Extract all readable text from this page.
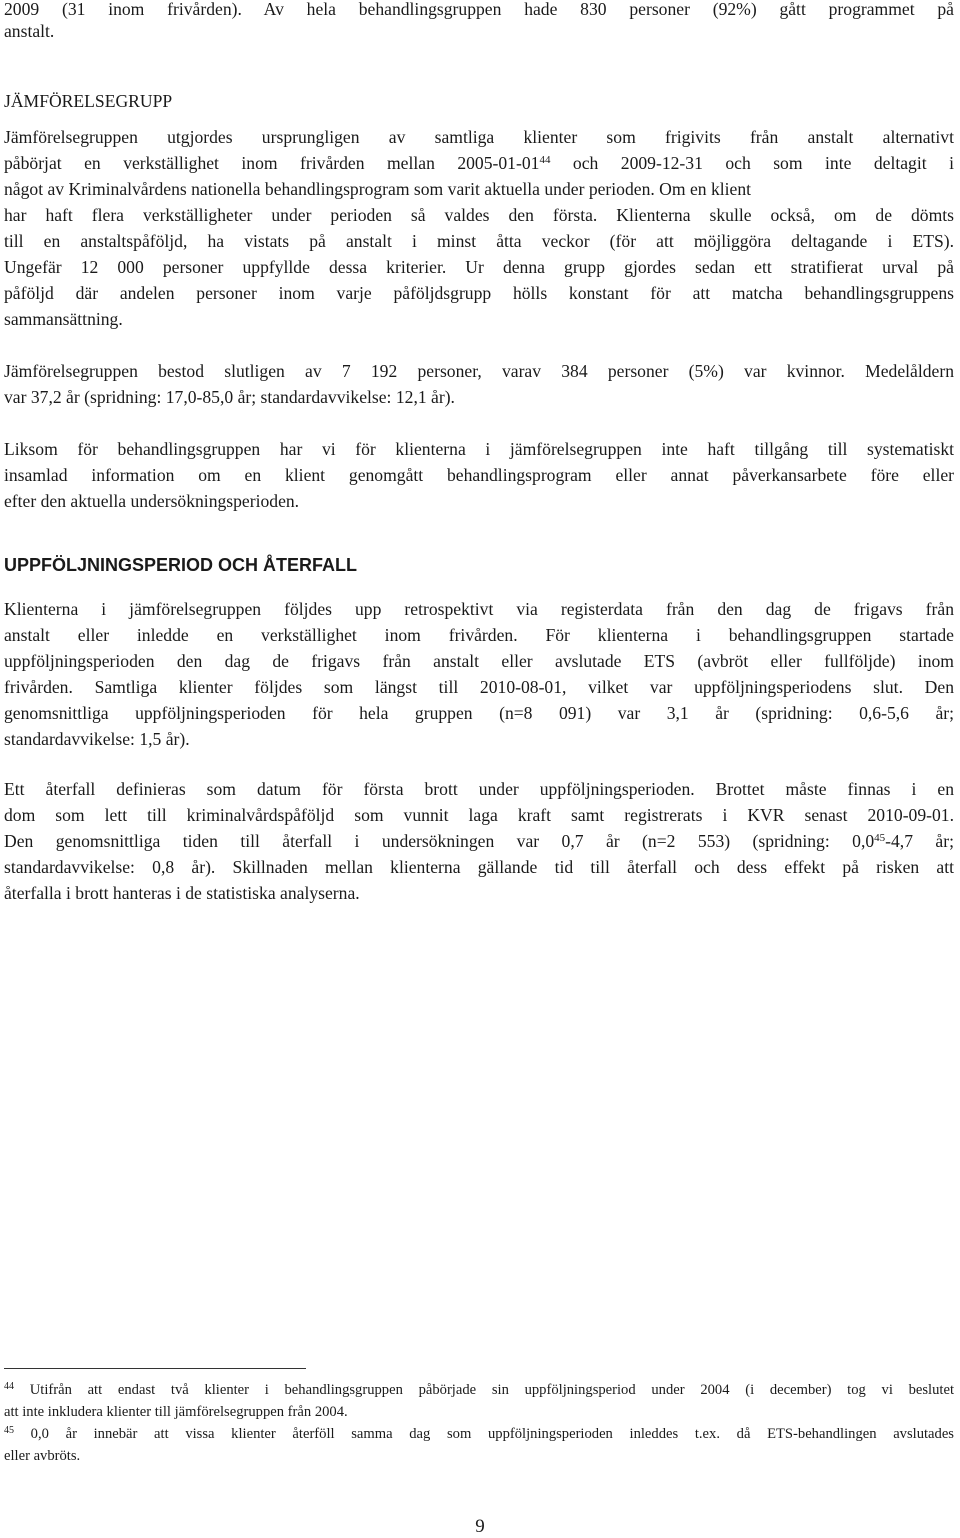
2009 (31 inom frivården). Av hela behandlingsgruppen hade 830 personer (92%) gått programmet på
anstalt.
JÄMFÖRELSEGRUPP
Jämförelsegruppen utgjordes ursprungligen av samtliga klienter som frigivits från anstalt alternativt
påbörjat en verkställighet inom frivården mellan $2005-01-01^{44}$ och 2009-12-31 och som inte deltagit i
något av Kriminalvårdens nationella behandlingsprogram som varit aktuella under perioden. Om en klient
har haft flera verkställigheter under perioden så valdes den första. Klienterna skulle också, om de dömts
till en anstaltspåföljd, ha vistats på anstalt i minst åtta veckor (för att möjliggöra deltagande i ETS).
Ungefär 12 000 personer uppfyllde dessa kriterier. Ur denna grupp gjordes sedan ett stratifierat urval på
påföljd där andelen personer inom varje påföljdsgrupp hölls konstant för att matcha behandlingsgruppens
sammansättning.
Jämförelsegruppen bestod slutligen av 7 192 personer, varav 384 personer (5%) var kvinnor. Medelåldern
var 37,2 år (spridning: 17,0-85,0 år; standardavvikelse: 12,1 år).
Liksom för behandlingsgruppen har vi för klienterna i jämförelsegruppen inte haft tillgång till systematiskt
insamlad information om en klient genomgått behandlingsprogram eller annat påverkansarbete före eller
efter den aktuella undersökningsperioden.
UPPFÖLJNINGSPERIOD OCH ÅTERFALL
Klienterna i jämförelsegruppen följdes upp retrospektivt via registerdata från den dag de frigavs från
anstalt eller inledde en verkställighet inom frivården. För klienterna i behandlingsgruppen startade
uppföljningsperioden den dag de frigavs från anstalt eller avslutade ETS (avbröt eller fullföljde) inom
frivården. Samtliga klienter följdes som längst till 2010-08-01, vilket var uppföljningsperiodens slut. Den
genomsnittliga uppföljningsperioden för hela gruppen (n=8 091) var 3,1 år (spridning: 0,6-5,6 år;
standardavvikelse: 1,5 år).
Ett återfall definieras som datum för första brott under uppföljningsperioden. Brottet måste finnas i en
dom som lett till kriminalvårdspåföljd som vunnit laga kraft samt registrerats i KVR senast 2010-09-01.
Den genomsnittliga tiden till återfall i undersökningen var 0,7 år (n=2 553) (spridning: $0,0^{45}-4,7$ år;
standardavvikelse: 0,8 år). Skillnaden mellan klienterna gällande tid till återfall och dess effekt på risken att
återfalla i brott hanteras i de statistiska analyserna.
$^{44}$ Utifrån att endast två klienter i behandlingsgruppen påbörjade sin uppföljningsperiod under 2004 (i december) tog vi beslutet
att inte inkludera klienter till jämförelsegruppen från 2004.
$^{45}$ 0,0 år innebär att vissa klienter återföll samma dag som uppföljningsperioden inleddes t.ex. då ETS-behandlingen avslutades
eller avbröts.
9
